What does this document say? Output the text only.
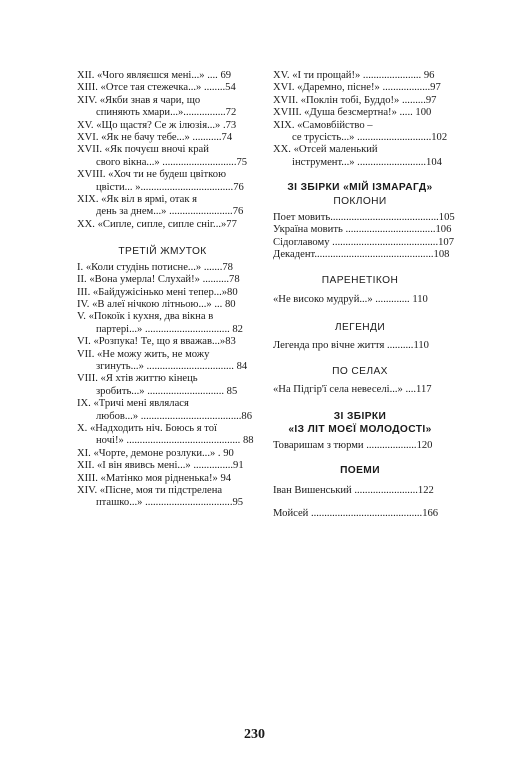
XII. «Чого являєшся мені...» .... 69
XIII. «Отсе тая стежечка...» ........54
XIV. «Якби знав я чари, що
спиняють хмари...»................72
XV. «Що щастя? Се ж ілюзія...» .73
XVI. «Як не бачу тебе...» ...........74
XVII. «Як почуєш вночі край
свого вікна...» ............................75
XVIII. «Хоч ти не будеш цвіткою
цвісти... »...................................76
XIX. «Як віл в ярмі, отак я
день за днем...» ........................76
XX. «Сипле, сипле, сипле сніг...»77
ТРЕТІЙ ЖМУТОК
I. «Коли студінь потисне...» .......78
II. «Вона умерла! Слухай!» ..........78
III. «Байдужісінько мені тепер...»80
IV. «В алеї нічкою літньою...» ... 80
V. «Покоїк і кухня, два вікна в
партері...» ................................ 82
VI. «Розпука! Те, що я вважав...»83
VII. «Не можу жить, не можу
згинуть...» ................................. 84
VIII. «Я хтів життю кінець
зробить...» ............................. 85
IX. «Тричі мені являлася
любов...» ......................................86
X. «Надходить ніч. Боюсь я тої
ночі!» ........................................... 88
XI. «Чорте, демоне розлуки...» . 90
XII. «І він явивсь мені...» ...............91
XIII. «Матінко моя рідненька!» 94
XIV. «Пісне, моя ти підстрелена
пташко...» .................................95
XV. «І ти прощай!» ...................... 96
XVI. «Даремно, пісне!» ..................97
XVII. «Поклін тобі, Буддо!» .........97
XVIII. «Душа безсмертна!» ..... 100
XIX. «Самовбійство –
се трусість...» ............................102
XX. «Отсей маленький
інструмент...» ..........................104
ЗІ ЗБІРКИ «МІЙ ІЗМАРАГД»
ПОКЛОНИ
Поет мовить.........................................105
Україна мовить ..................................106
Сідоглавому ........................................107
Декадент.............................................108
ПАРЕНЕТІКОН
«Не високо мудруй...» ............. 110
ЛЕГЕНДИ
Легенда про вічне життя ..........110
ПО СЕЛАХ
«На Підгір'ї села невеселі...» ....117
ЗІ ЗБІРКИ
«ІЗ ЛІТ МОЄЇ МОЛОДОСТІ»
Товаришам з тюрми ...................120
ПОЕМИ
Іван Вишенський ........................122
Мойсей ..........................................166
230
